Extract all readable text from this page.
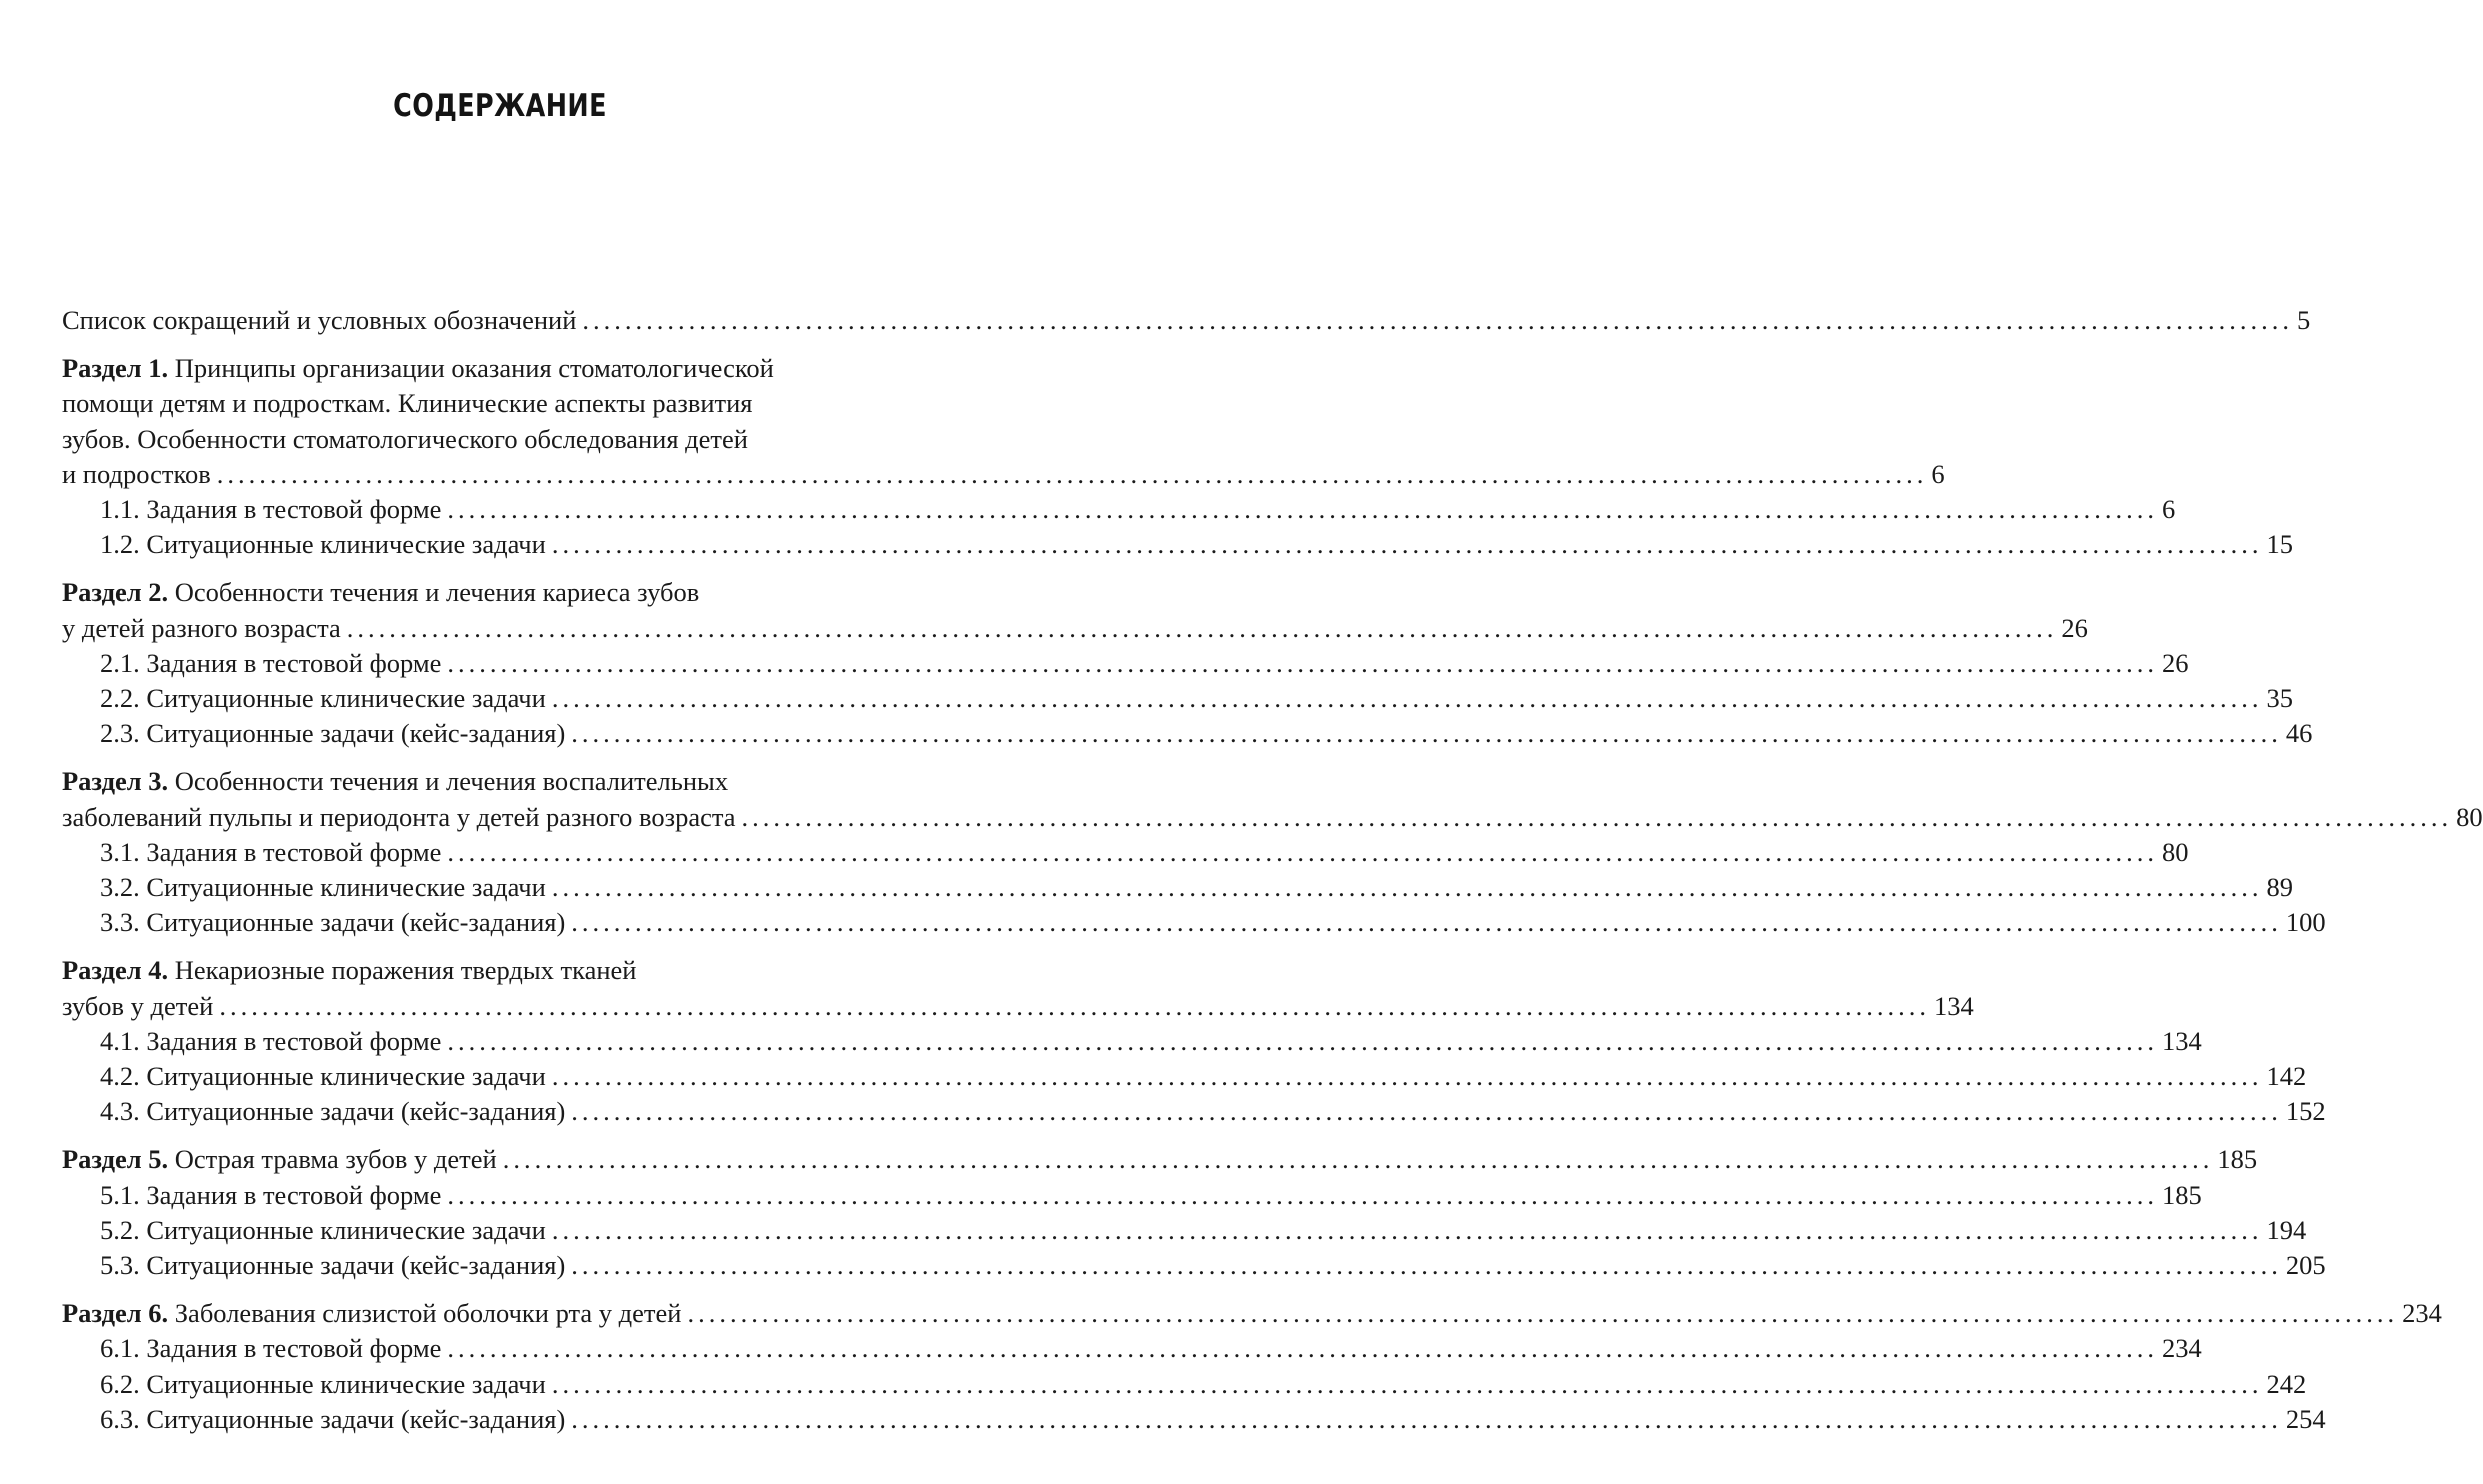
СОДЕРЖАНИЕ
Список сокращений и условных обозначений ................................................................................................................................................................. 5
Раздел 1. Принципы организации оказания стоматологической
помощи детям и подросткам. Клинические аспекты развития
зубов. Особенности стоматологического обследования детей
и подростков ................................................................................................................................................................. 6
1.1. Задания в тестовой форме ................................................................................................................................................................. 6
1.2. Ситуационные клинические задачи ................................................................................................................................................................. 15
Раздел 2. Особенности течения и лечения кариеса зубов
у детей разного возраста ................................................................................................................................................................. 26
2.1. Задания в тестовой форме ................................................................................................................................................................. 26
2.2. Ситуационные клинические задачи ................................................................................................................................................................. 35
2.3. Ситуационные задачи (кейс-задания) ................................................................................................................................................................. 46
Раздел 3. Особенности течения и лечения воспалительных
заболеваний пульпы и периодонта у детей разного возраста ................................................................................................................................................................. 80
3.1. Задания в тестовой форме ................................................................................................................................................................. 80
3.2. Ситуационные клинические задачи ................................................................................................................................................................. 89
3.3. Ситуационные задачи (кейс-задания) ................................................................................................................................................................. 100
Раздел 4. Некариозные поражения твердых тканей
зубов у детей ................................................................................................................................................................. 134
4.1. Задания в тестовой форме ................................................................................................................................................................. 134
4.2. Ситуационные клинические задачи ................................................................................................................................................................. 142
4.3. Ситуационные задачи (кейс-задания) ................................................................................................................................................................. 152
Раздел 5. Острая травма зубов у детей ................................................................................................................................................................. 185
5.1. Задания в тестовой форме ................................................................................................................................................................. 185
5.2. Ситуационные клинические задачи ................................................................................................................................................................. 194
5.3. Ситуационные задачи (кейс-задания) ................................................................................................................................................................. 205
Раздел 6. Заболевания слизистой оболочки рта у детей ................................................................................................................................................................. 234
6.1. Задания в тестовой форме ................................................................................................................................................................. 234
6.2. Ситуационные клинические задачи ................................................................................................................................................................. 242
6.3. Ситуационные задачи (кейс-задания) ................................................................................................................................................................. 254
